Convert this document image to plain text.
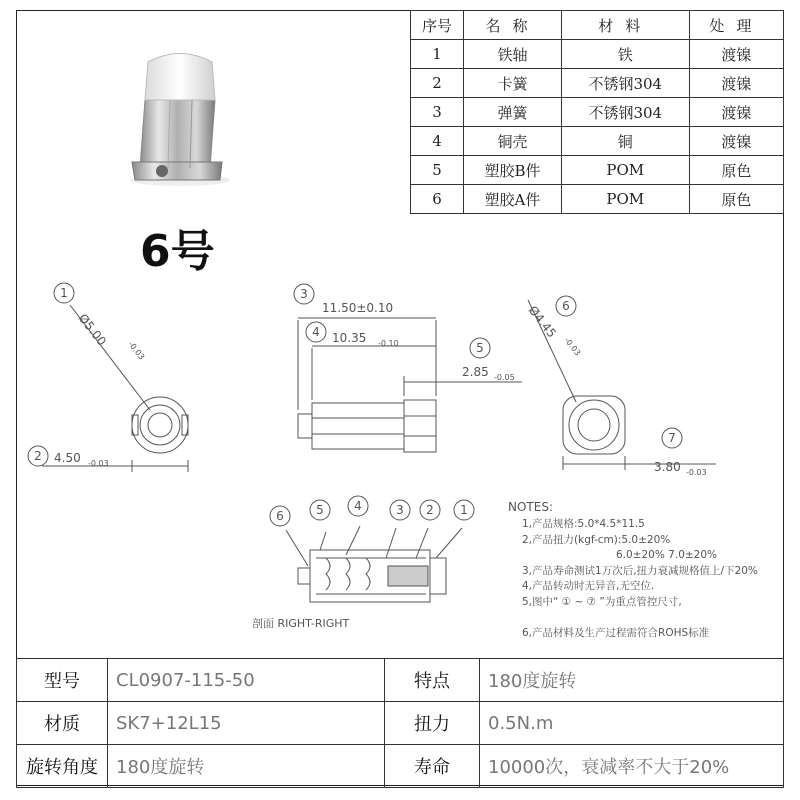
序号	名称	材料	处理
1	铁轴	铁	渡镍
2	卡簧	不锈钢304	渡镍
3	弹簧	不锈钢304	渡镍
4	铜壳	铜	渡镍
5	塑胶B件	POM	原色
6	塑胶A件	POM	原色
6号
1
2
3
4
5
6
7
6	5	4	3 2 1
Ø5.00
-0.03
4.50 -0.03
11.50±0.10
10.35 -0.10
2.85 -0.05
Ø4.45
-0.03
3.80 -0.03
剖面 RIGHT-RIGHT
NOTES:
1,产品规格:5.0*4.5*11.5
2,产品扭力(kgf-cm):5.0±20%
6.0±20% 7.0±20%
3,产品寿命测试1万次后,扭力衰减规格值上/下20%
4,产品转动时无异音,无空位.
5,图中“ ① ~ ⑦ ”为重点管控尺寸,
6,产品材料及生产过程需符合ROHS标准
型号	CL0907-115-50	特点	180度旋转
材质	SK7+12L15	扭力	0.5N.m
旋转角度	180度旋转	寿命	10000次，衰减率不大于20%
